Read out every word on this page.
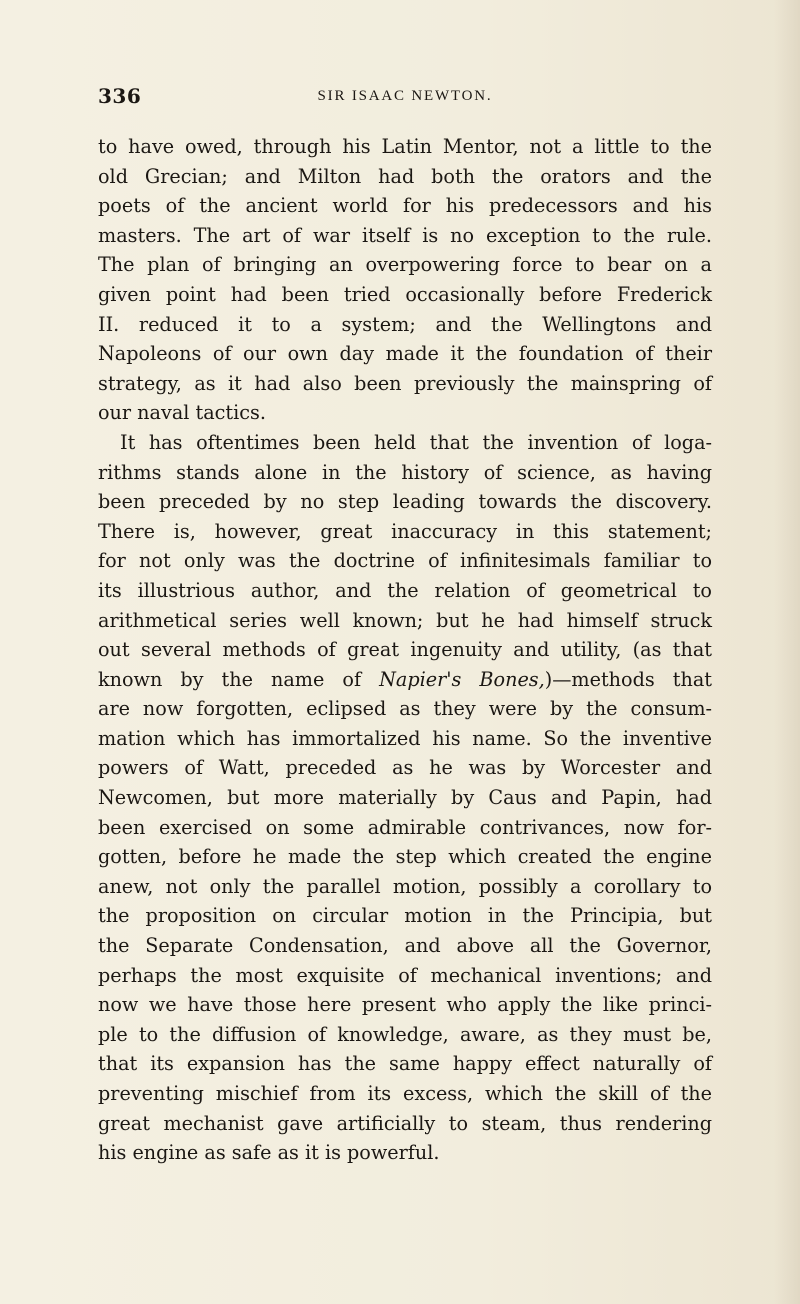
336	SIR ISAAC NEWTON.
to have owed, through his Latin Mentor, not a little to the
old Grecian; and Milton had both the orators and the
poets of the ancient world for his predecessors and his
masters. The art of war itself is no exception to the rule.
The plan of bringing an overpowering force to bear on a
given point had been tried occasionally before Frederick
II. reduced it to a system; and the Wellingtons and
Napoleons of our own day made it the foundation of their
strategy, as it had also been previously the mainspring of
our naval tactics.
It has oftentimes been held that the invention of loga-
rithms stands alone in the history of science, as having
been preceded by no step leading towards the discovery.
There is, however, great inaccuracy in this statement;
for not only was the doctrine of infinitesimals familiar to
its illustrious author, and the relation of geometrical to
arithmetical series well known; but he had himself struck
out several methods of great ingenuity and utility, (as that
known by the name of Napier's Bones,)—methods that
are now forgotten, eclipsed as they were by the consum-
mation which has immortalized his name. So the inventive
powers of Watt, preceded as he was by Worcester and
Newcomen, but more materially by Caus and Papin, had
been exercised on some admirable contrivances, now for-
gotten, before he made the step which created the engine
anew, not only the parallel motion, possibly a corollary to
the proposition on circular motion in the Principia, but
the Separate Condensation, and above all the Governor,
perhaps the most exquisite of mechanical inventions; and
now we have those here present who apply the like princi-
ple to the diffusion of knowledge, aware, as they must be,
that its expansion has the same happy effect naturally of
preventing mischief from its excess, which the skill of the
great mechanist gave artificially to steam, thus rendering
his engine as safe as it is powerful.
